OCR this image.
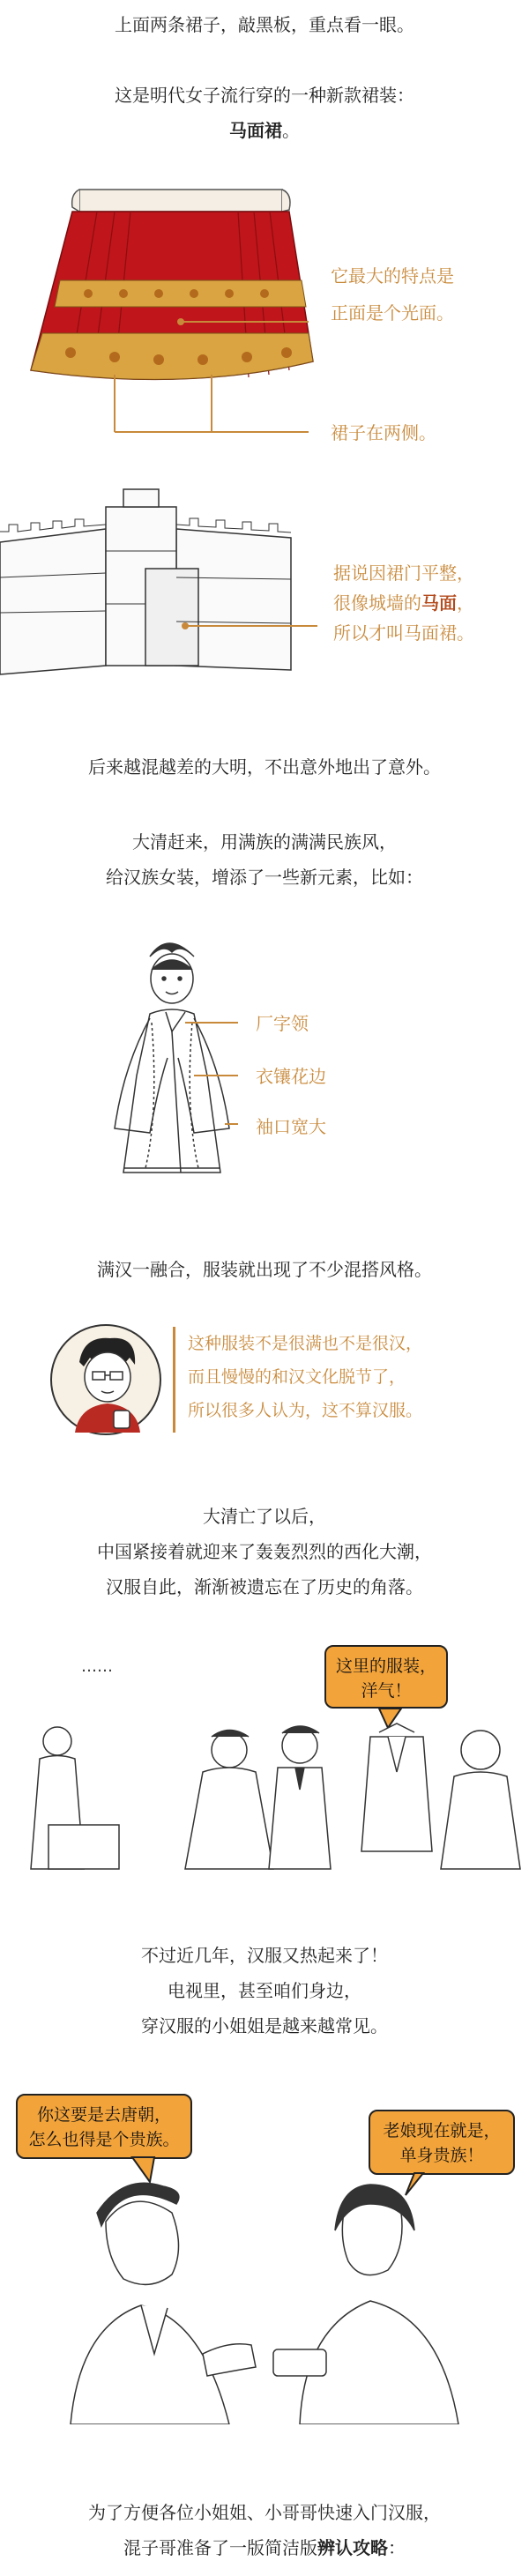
上面两条裙子，敲黑板，重点看一眼。
这是明代女子流行穿的一种新款裙装：
马面裙。
它最大的特点是
正面是个光面。
裙子在两侧。
据说因裙门平整，
很像城墙的马面，
所以才叫马面裙。
后来越混越差的大明，不出意外地出了意外。
大清赶来，用满族的满满民族风，
给汉族女装，增添了一些新元素，比如：
厂字领
衣镶花边
袖口宽大
满汉一融合，服装就出现了不少混搭风格。
这种服装不是很满也不是很汉，
而且慢慢的和汉文化脱节了，
所以很多人认为，这不算汉服。
大清亡了以后，
中国紧接着就迎来了轰轰烈烈的西化大潮，
汉服自此，渐渐被遗忘在了历史的角落。
……	这里的服装，
洋气！
不过近几年，汉服又热起来了！
电视里，甚至咱们身边，
穿汉服的小姐姐是越来越常见。
你这要是去唐朝，
怎么也得是个贵族。	老娘现在就是，
单身贵族！
为了方便各位小姐姐、小哥哥快速入门汉服，
混子哥准备了一版简洁版辨认攻略：
